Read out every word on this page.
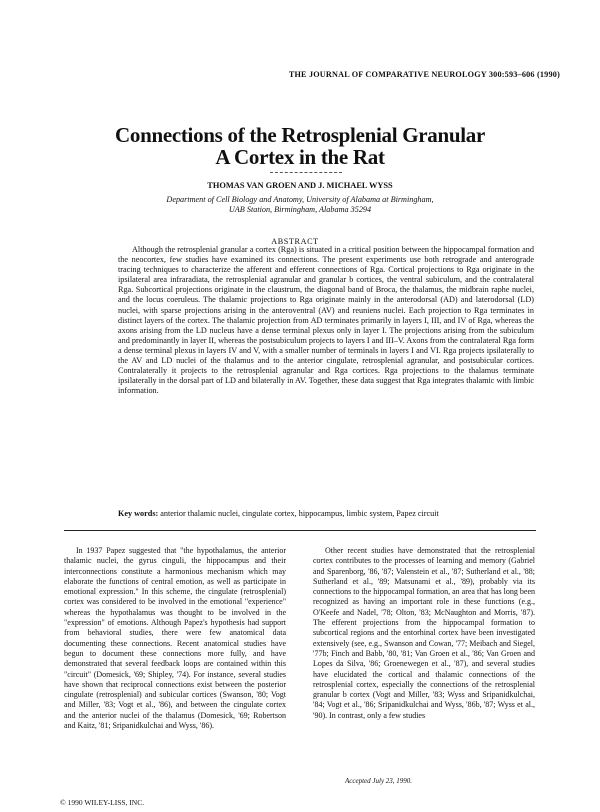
THE JOURNAL OF COMPARATIVE NEUROLOGY 300:593–606 (1990)
Connections of the Retrosplenial Granular
A Cortex in the Rat
THOMAS VAN GROEN AND J. MICHAEL WYSS
Department of Cell Biology and Anatomy, University of Alabama at Birmingham,
UAB Station, Birmingham, Alabama 35294
ABSTRACT

Although the retrosplenial granular a cortex (Rga) is situated in a critical position between the hippocampal formation and the neocortex, few studies have examined its connections. The present experiments use both retrograde and anterograde tracing techniques to characterize the afferent and efferent connections of Rga. Cortical projections to Rga originate in the ipsilateral area infraradiata, the retrosplenial agranular and granular b cortices, the ventral subiculum, and the contralateral Rga. Subcortical projections originate in the claustrum, the diagonal band of Broca, the thalamus, the midbrain raphe nuclei, and the locus coeruleus. The thalamic projections to Rga originate mainly in the anterodorsal (AD) and laterodorsal (LD) nuclei, with sparse projections arising in the anteroventral (AV) and reuniens nuclei. Each projection to Rga terminates in distinct layers of the cortex. The thalamic projection from AD terminates primarily in layers I, III, and IV of Rga, whereas the axons arising from the LD nucleus have a dense terminal plexus only in layer I. The projections arising from the subiculum and predominantly in layer II, whereas the postsubiculum projects to layers I and III–V. Axons from the contralateral Rga form a dense terminal plexus in layers IV and V, with a smaller number of terminals in layers I and VI. Rga projects ipsilaterally to the AV and LD nuclei of the thalamus and to the anterior cingulate, retrosplenial agranular, and postsubicular cortices. Contralaterally it projects to the retrosplenial agranular and Rga cortices. Rga projections to the thalamus terminate ipsilaterally in the dorsal part of LD and bilaterally in AV. Together, these data suggest that Rga integrates thalamic with limbic information.

Key words: anterior thalamic nuclei, cingulate cortex, hippocampus, limbic system, Papez circuit

In 1937 Papez suggested that "the hypothalamus, the anterior thalamic nuclei, the gyrus cinguli, the hippocampus and their interconnections constitute a harmonious mechanism which may elaborate the functions of central emotion, as well as participate in emotional expression." In this scheme, the cingulate (retrosplenial) cortex was considered to be involved in the emotional "experience" whereas the hypothalamus was thought to be involved in the "expression" of emotions. Although Papez's hypothesis had support from behavioral studies, there were few anatomical data documenting these connections. Recent anatomical studies have begun to document these connections more fully, and have demonstrated that several feedback loops are contained within this "circuit" (Domesick, '69; Shipley, '74). For instance, several studies have shown that reciprocal connections exist between the posterior cingulate (retrosplenial) and subicular cortices (Swanson, '80; Vogt and Miller, '83; Vogt et al., '86), and between the cingulate cortex and the anterior nuclei of the thalamus (Domesick, '69; Robertson and Kaitz, '81; Sripanidkulchai and Wyss, '86).

Other recent studies have demonstrated that the retrosplenial cortex contributes to the processes of learning and memory (Gabriel and Sparenborg, '86, '87; Valenstein et al., '87; Sutherland et al., '88; Sutherland et al., '89; Matsunami et al., '89), probably via its connections to the hippocampal formation, an area that has long been recognized as having an important role in these functions (e.g., O'Keefe and Nadel, '78; Olton, '83; McNaughton and Morris, '87). The efferent projections from the hippocampal formation to subcortical regions and the entorhinal cortex have been investigated extensively (see, e.g., Swanson and Cowan, '77; Meibach and Siegel, '77b; Finch and Babb, '80, '81; Van Groen et al., '86; Van Groen and Lopes da Silva, '86; Groenewegen et al., '87), and several studies have elucidated the cortical and thalamic connections of the retrosplenial cortex, especially the connections of the retrosplenial granular b cortex (Vogt and Miller, '83; Wyss and Sripanidkulchai, '84; Vogt et al., '86; Sripanidkulchai and Wyss, '86b, '87; Wyss et al., '90). In contrast, only a few studies

Accepted July 23, 1990.
© 1990 WILEY-LISS, INC.
